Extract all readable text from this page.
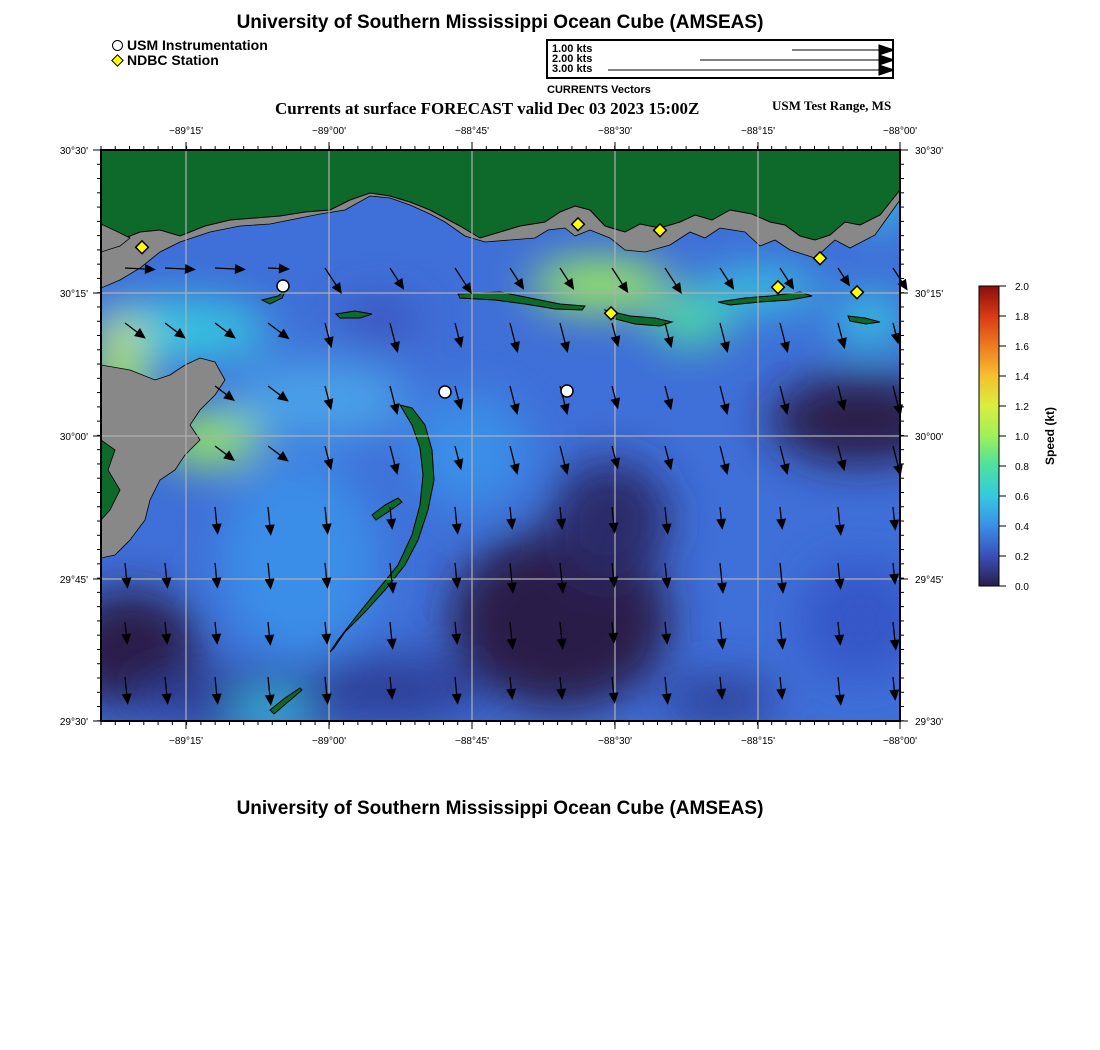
University of Southern Mississippi Ocean Cube (AMSEAS)
USM Instrumentation
NDBC Station
1.00 kts
2.00 kts
3.00 kts
CURRENTS Vectors
Currents at surface FORECAST valid Dec 03 2023 15:00Z	USM Test Range, MS
−89°15'	−89°00'	−88°45'	−88°30'	−88°15'	−88°00'
−89°15'	−89°00'	−88°45'	−88°30'	−88°15'	−88°00'
30°30'
30°15'
30°00'
29°45'
29°30'
30°30'
30°15'
30°00'
29°45'
29°30'
2.0
1.8
1.6
1.4
1.2
1.0
0.8
0.6
0.4
0.2
0.0
Speed (kt)
University of Southern Mississippi Ocean Cube (AMSEAS)
